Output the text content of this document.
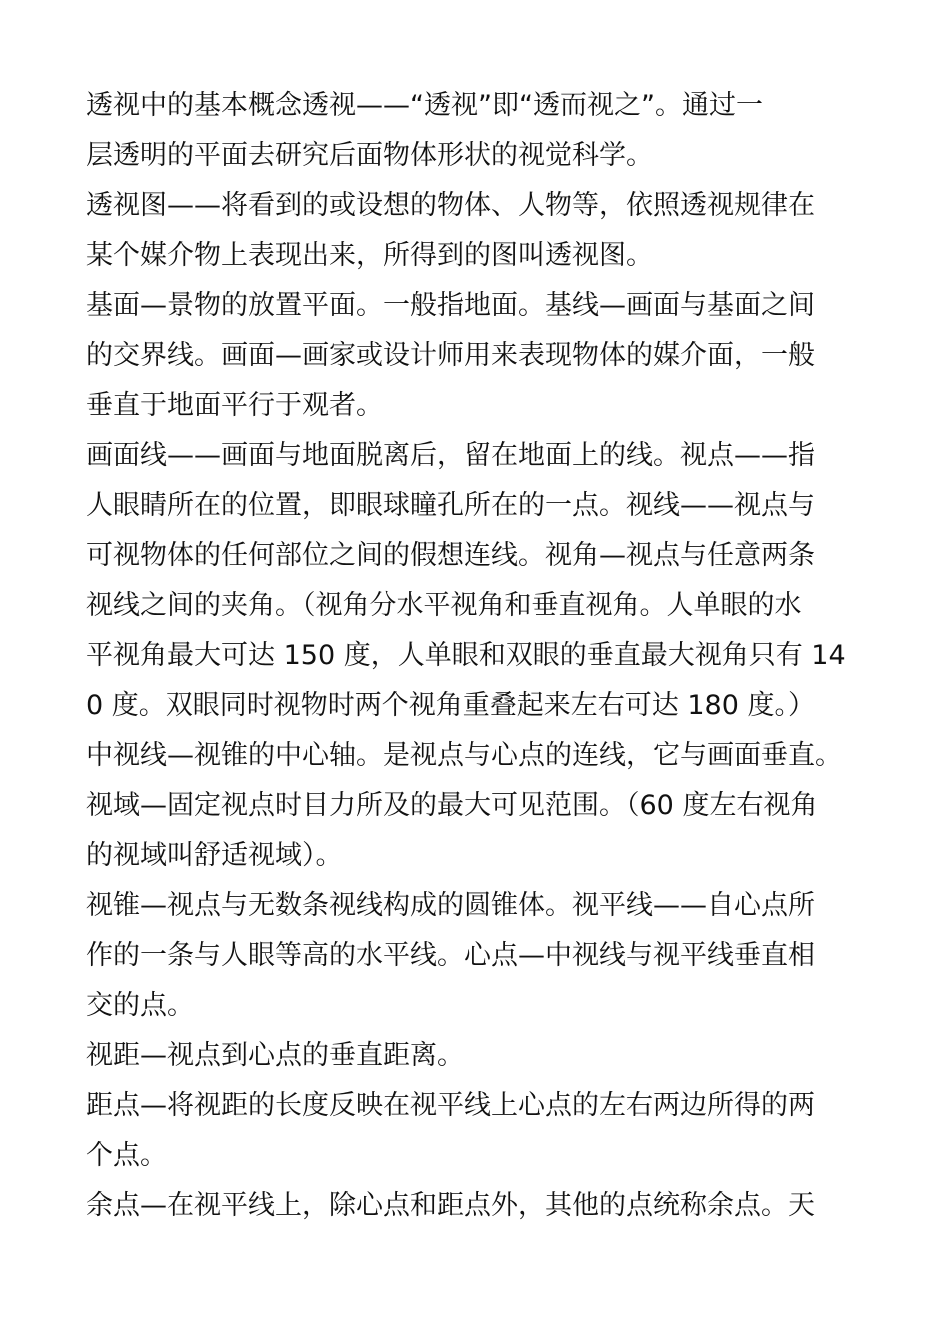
透视中的基本概念透视——“透视”即“透而视之”。通过一
层透明的平面去研究后面物体形状的视觉科学。
透视图——将看到的或设想的物体、人物等，依照透视规律在
某个媒介物上表现出来，所得到的图叫透视图。
基面—景物的放置平面。一般指地面。基线—画面与基面之间
的交界线。画面—画家或设计师用来表现物体的媒介面，一般
垂直于地面平行于观者。
画面线——画面与地面脱离后，留在地面上的线。视点——指
人眼睛所在的位置，即眼球瞳孔所在的一点。视线——视点与
可视物体的任何部位之间的假想连线。视角—视点与任意两条
视线之间的夹角。（视角分水平视角和垂直视角。人单眼的水
平视角最大可达 150 度，人单眼和双眼的垂直最大视角只有 14
0 度。双眼同时视物时两个视角重叠起来左右可达 180 度。）
中视线—视锥的中心轴。是视点与心点的连线，它与画面垂直。
视域—固定视点时目力所及的最大可见范围。（60 度左右视角
的视域叫舒适视域）。
视锥—视点与无数条视线构成的圆锥体。视平线——自心点所
作的一条与人眼等高的水平线。心点—中视线与视平线垂直相
交的点。
视距—视点到心点的垂直距离。
距点—将视距的长度反映在视平线上心点的左右两边所得的两
个点。
余点—在视平线上，除心点和距点外，其他的点统称余点。天
